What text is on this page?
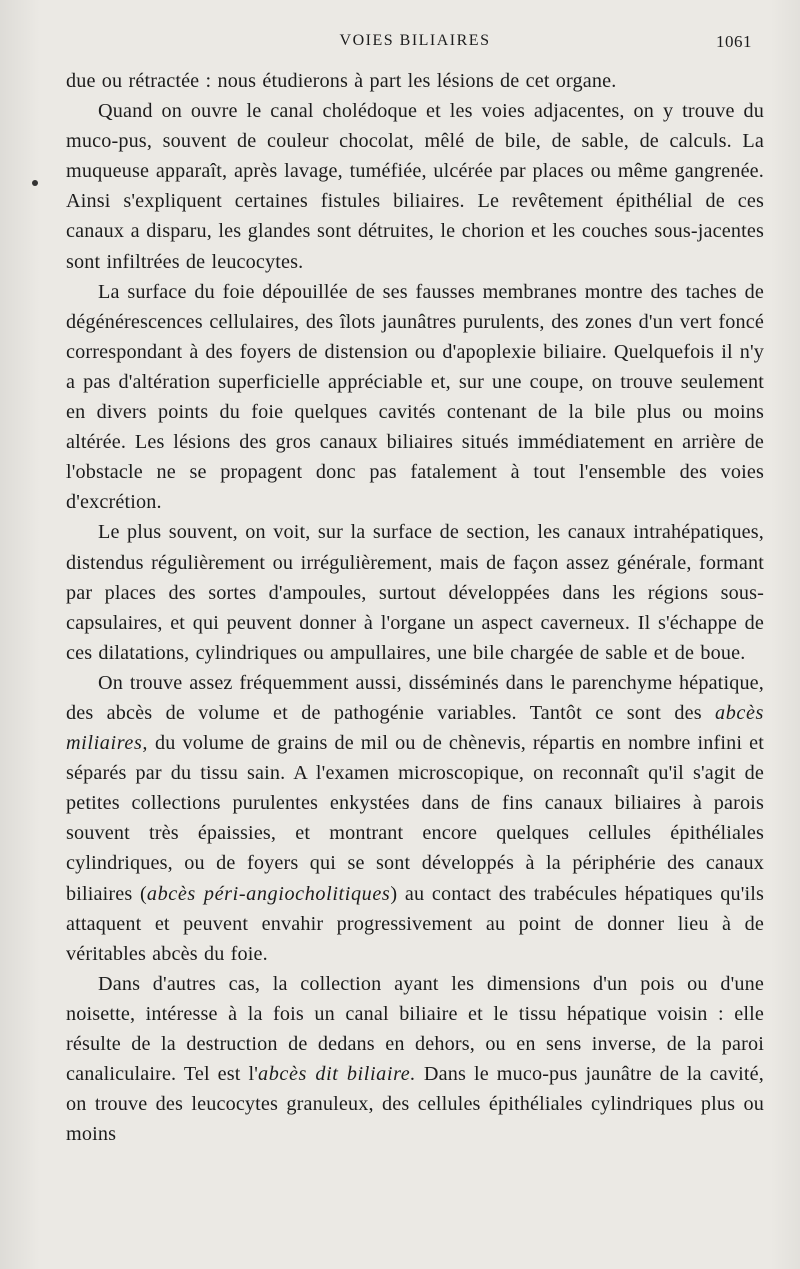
VOIES BILIAIRES	1061

due ou rétractée : nous étudierons à part les lésions de cet organe.

Quand on ouvre le canal cholédoque et les voies adjacentes, on y trouve du muco-pus, souvent de couleur chocolat, mêlé de bile, de sable, de calculs. La muqueuse apparaît, après lavage, tuméfiée, ulcérée par places ou même gangrenée. Ainsi s'expliquent certaines fistules biliaires. Le revêtement épithélial de ces canaux a disparu, les glandes sont détruites, le chorion et les couches sous-jacentes sont infiltrées de leucocytes.

La surface du foie dépouillée de ses fausses membranes montre des taches de dégénérescences cellulaires, des îlots jaunâtres purulents, des zones d'un vert foncé correspondant à des foyers de distension ou d'apoplexie biliaire. Quelquefois il n'y a pas d'altération superficielle appréciable et, sur une coupe, on trouve seulement en divers points du foie quelques cavités contenant de la bile plus ou moins altérée. Les lésions des gros canaux biliaires situés immédiatement en arrière de l'obstacle ne se propagent donc pas fatalement à tout l'ensemble des voies d'excrétion.

Le plus souvent, on voit, sur la surface de section, les canaux intrahépatiques, distendus régulièrement ou irrégulièrement, mais de façon assez générale, formant par places des sortes d'ampoules, surtout développées dans les régions sous-capsulaires, et qui peuvent donner à l'organe un aspect caverneux. Il s'échappe de ces dilatations, cylindriques ou ampullaires, une bile chargée de sable et de boue.

On trouve assez fréquemment aussi, disséminés dans le parenchyme hépatique, des abcès de volume et de pathogénie variables. Tantôt ce sont des abcès miliaires, du volume de grains de mil ou de chènevis, répartis en nombre infini et séparés par du tissu sain. A l'examen microscopique, on reconnaît qu'il s'agit de petites collections purulentes enkystées dans de fins canaux biliaires à parois souvent très épaissies, et montrant encore quelques cellules épithéliales cylindriques, ou de foyers qui se sont développés à la périphérie des canaux biliaires (abcès péri-angiocholitiques) au contact des trabécules hépatiques qu'ils attaquent et peuvent envahir progressivement au point de donner lieu à de véritables abcès du foie.

Dans d'autres cas, la collection ayant les dimensions d'un pois ou d'une noisette, intéresse à la fois un canal biliaire et le tissu hépatique voisin : elle résulte de la destruction de dedans en dehors, ou en sens inverse, de la paroi canaliculaire. Tel est l'abcès dit biliaire. Dans le muco-pus jaunâtre de la cavité, on trouve des leucocytes granuleux, des cellules épithéliales cylindriques plus ou moins
